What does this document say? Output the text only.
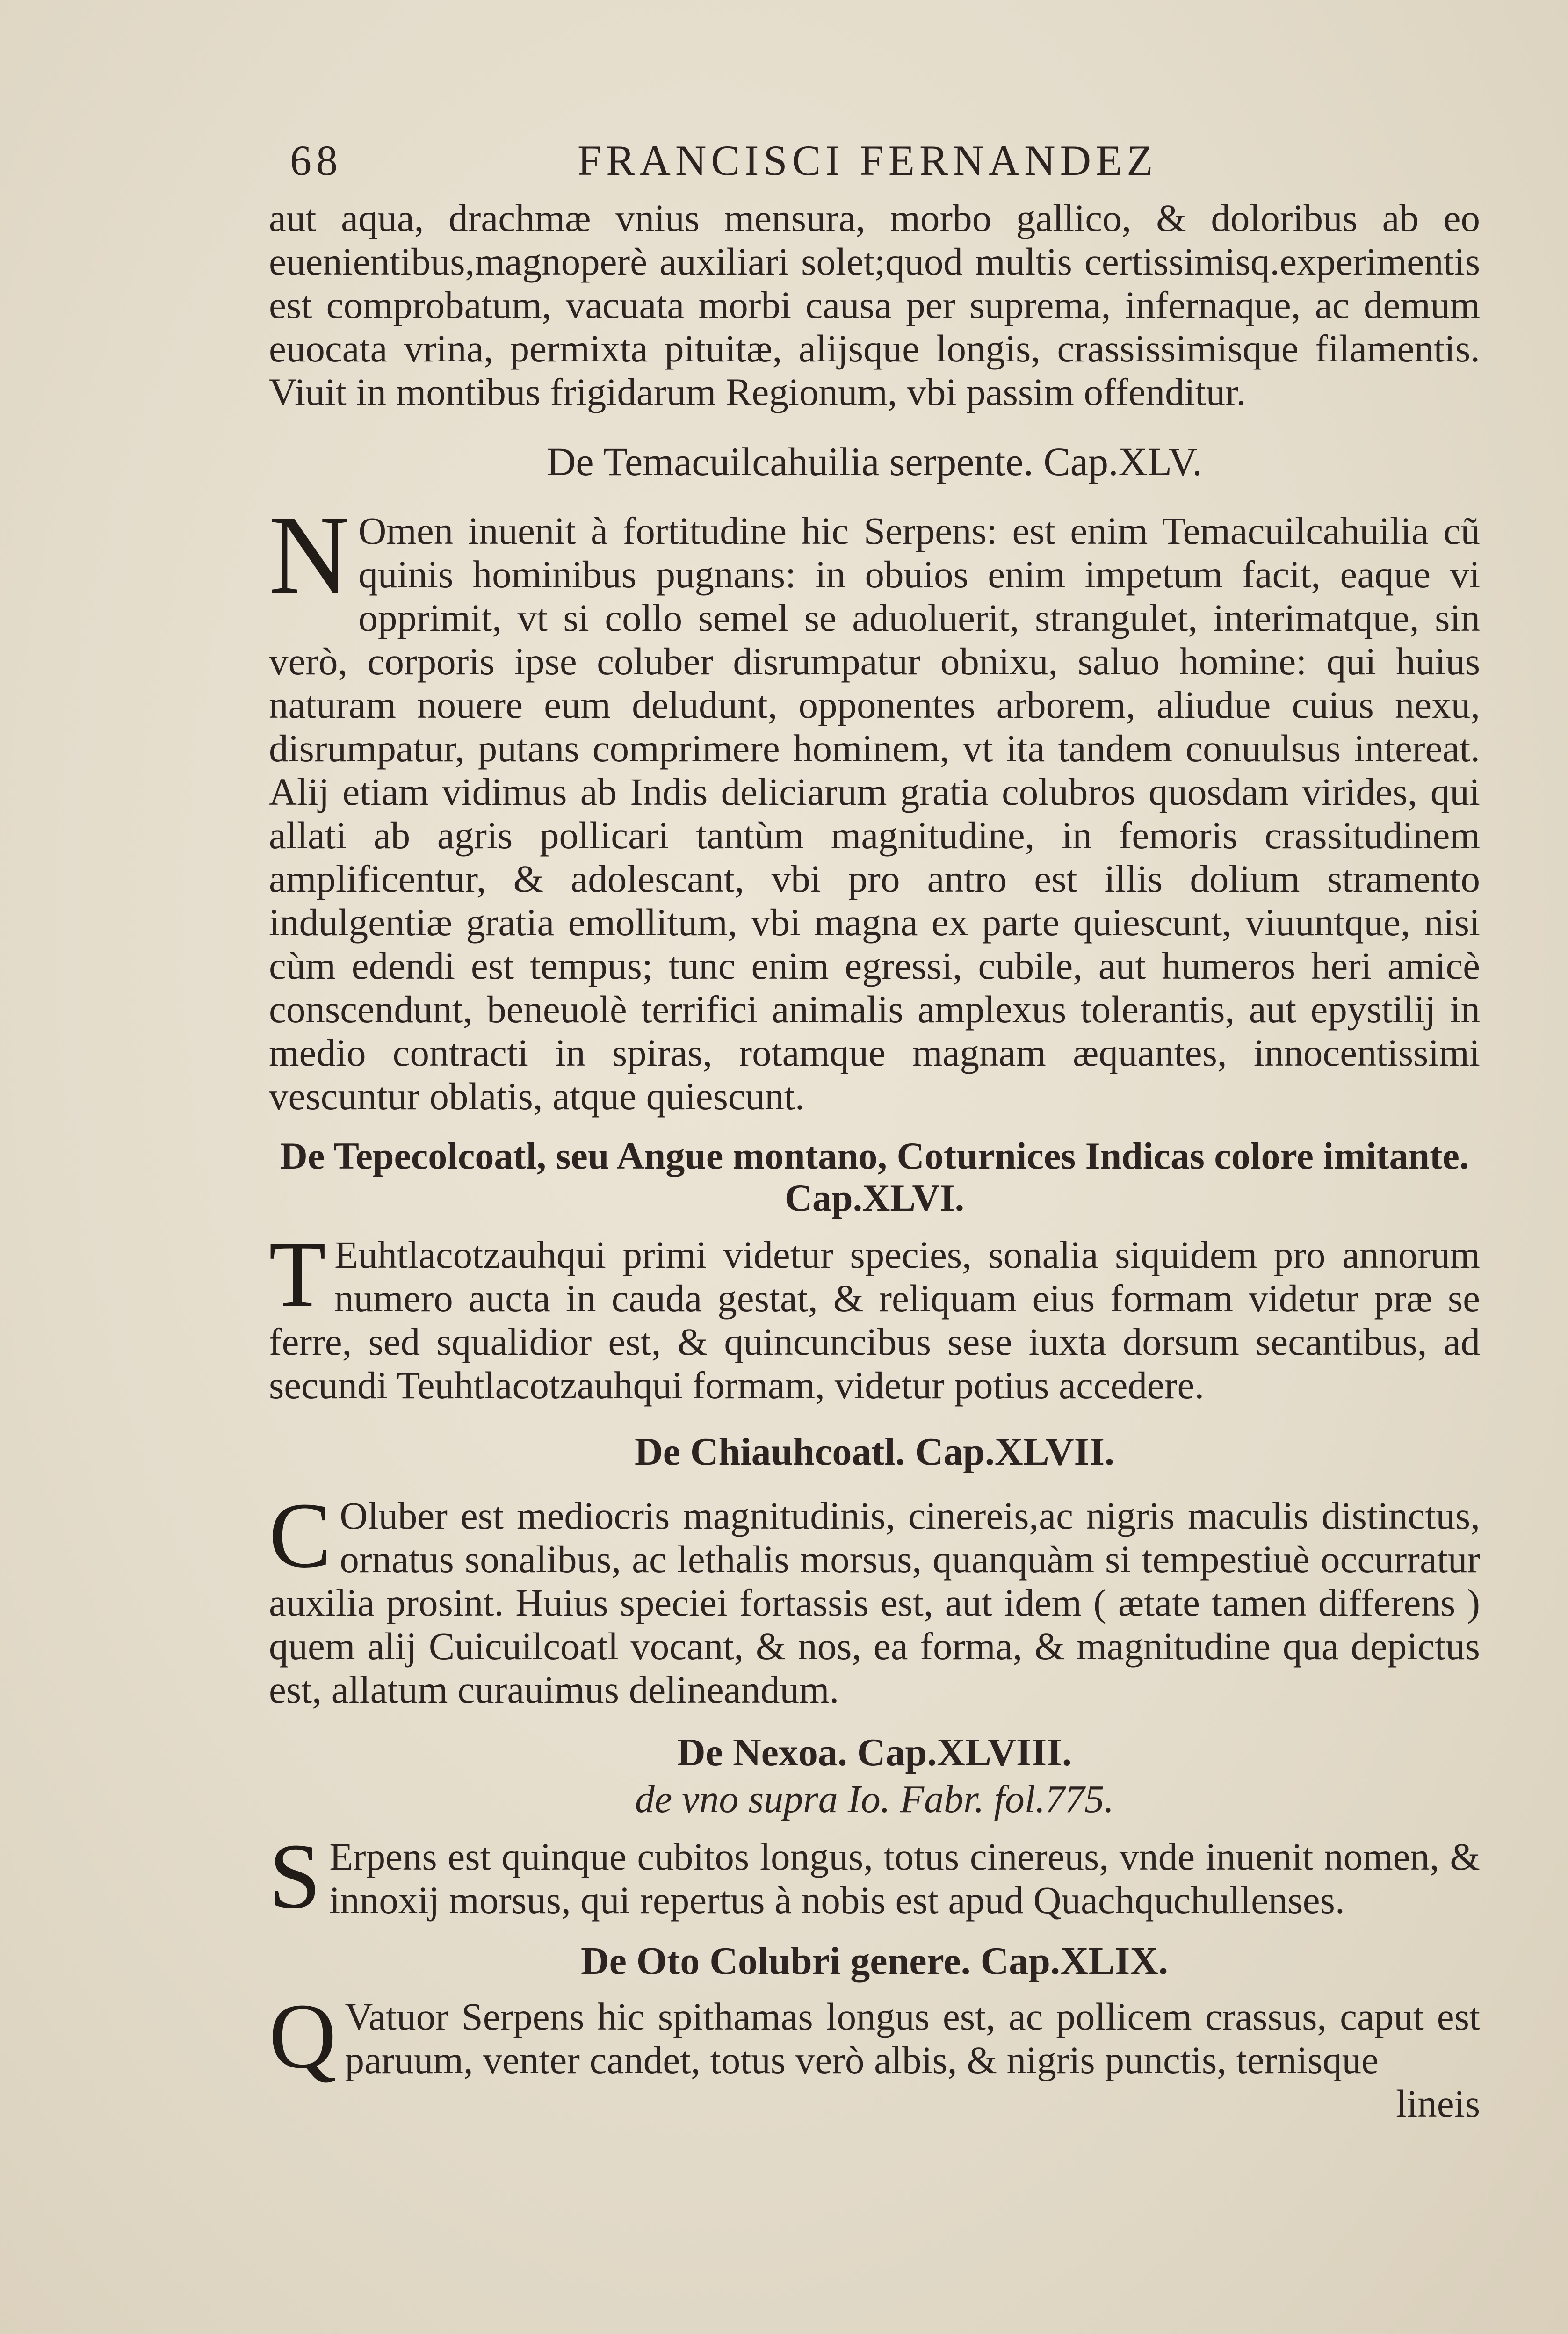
68	FRANCISCI FERNANDEZ

aut aqua, drachmæ vnius mensura, morbo gallico, & doloribus ab eo euenientibus,magnoperè auxiliari solet;quod multis certissimisq.experimentis est comprobatum, vacuata morbi causa per suprema, infernaque, ac demum euocata vrina, permixta pituitæ, alijsque longis, crassissimisque filamentis. Viuit in montibus frigidarum Regionum, vbi passim offenditur.

De Temacuilcahuilia serpente. Cap.XLV.
N Omen inuenit à fortitudine hic Serpens: est enim Temacuilcahuilia cũ quinis hominibus pugnans: in obuios enim impetum facit, eaque vi opprimit, vt si collo semel se aduoluerit, strangulet, interimatque, sin verò, corporis ipse coluber disrumpatur obnixu, saluo homine: qui huius naturam nouere eum deludunt, opponentes arborem, aliudue cuius nexu, disrumpatur, putans comprimere hominem, vt ita tandem conuulsus intereat. Alij etiam vidimus ab Indis deliciarum gratia colubros quosdam virides, qui allati ab agris pollicari tantùm magnitudine, in femoris crassitudinem amplificentur, & adolescant, vbi pro antro est illis dolium stramento indulgentiæ gratia emollitum, vbi magna ex parte quiescunt, viuuntque, nisi cùm edendi est tempus; tunc enim egressi, cubile, aut humeros heri amicè conscendunt, beneuolè terrifici animalis amplexus tolerantis, aut epystilij in medio contracti in spiras, rotamque magnam æquantes, innocentissimi vescuntur oblatis, atque quiescunt.

De Tepecolcoatl, seu Angue montano, Coturnices Indicas colore imitante. Cap.XLVI.
T Euhtlacotzauhqui primi videtur species, sonalia siquidem pro annorum numero aucta in cauda gestat, & reliquam eius formam videtur præ se ferre, sed squalidior est, & quincuncibus sese iuxta dorsum secantibus, ad secundi Teuhtlacotzauhqui formam, videtur potius accedere.

De Chiauhcoatl. Cap.XLVII.
C Oluber est mediocris magnitudinis, cinereis,ac nigris maculis distinctus, ornatus sonalibus, ac lethalis morsus, quanquàm si tempestiuè occurratur auxilia prosint. Huius speciei fortassis est, aut idem ( ætate tamen differens ) quem alij Cuicuilcoatl vocant, & nos, ea forma, & magnitudine qua depictus est, allatum curauimus delineandum.

De Nexoa. Cap.XLVIII.
de vno supra Io. Fabr. fol.775.
S Erpens est quinque cubitos longus, totus cinereus, vnde inuenit nomen, & innoxij morsus, qui repertus à nobis est apud Quachquchullenses.

De Oto Colubri genere. Cap.XLIX.
Q Vatuor Serpens hic spithamas longus est, ac pollicem crassus, caput est paruum, venter candet, totus verò albis, & nigris punctis, ternisque

lineis
